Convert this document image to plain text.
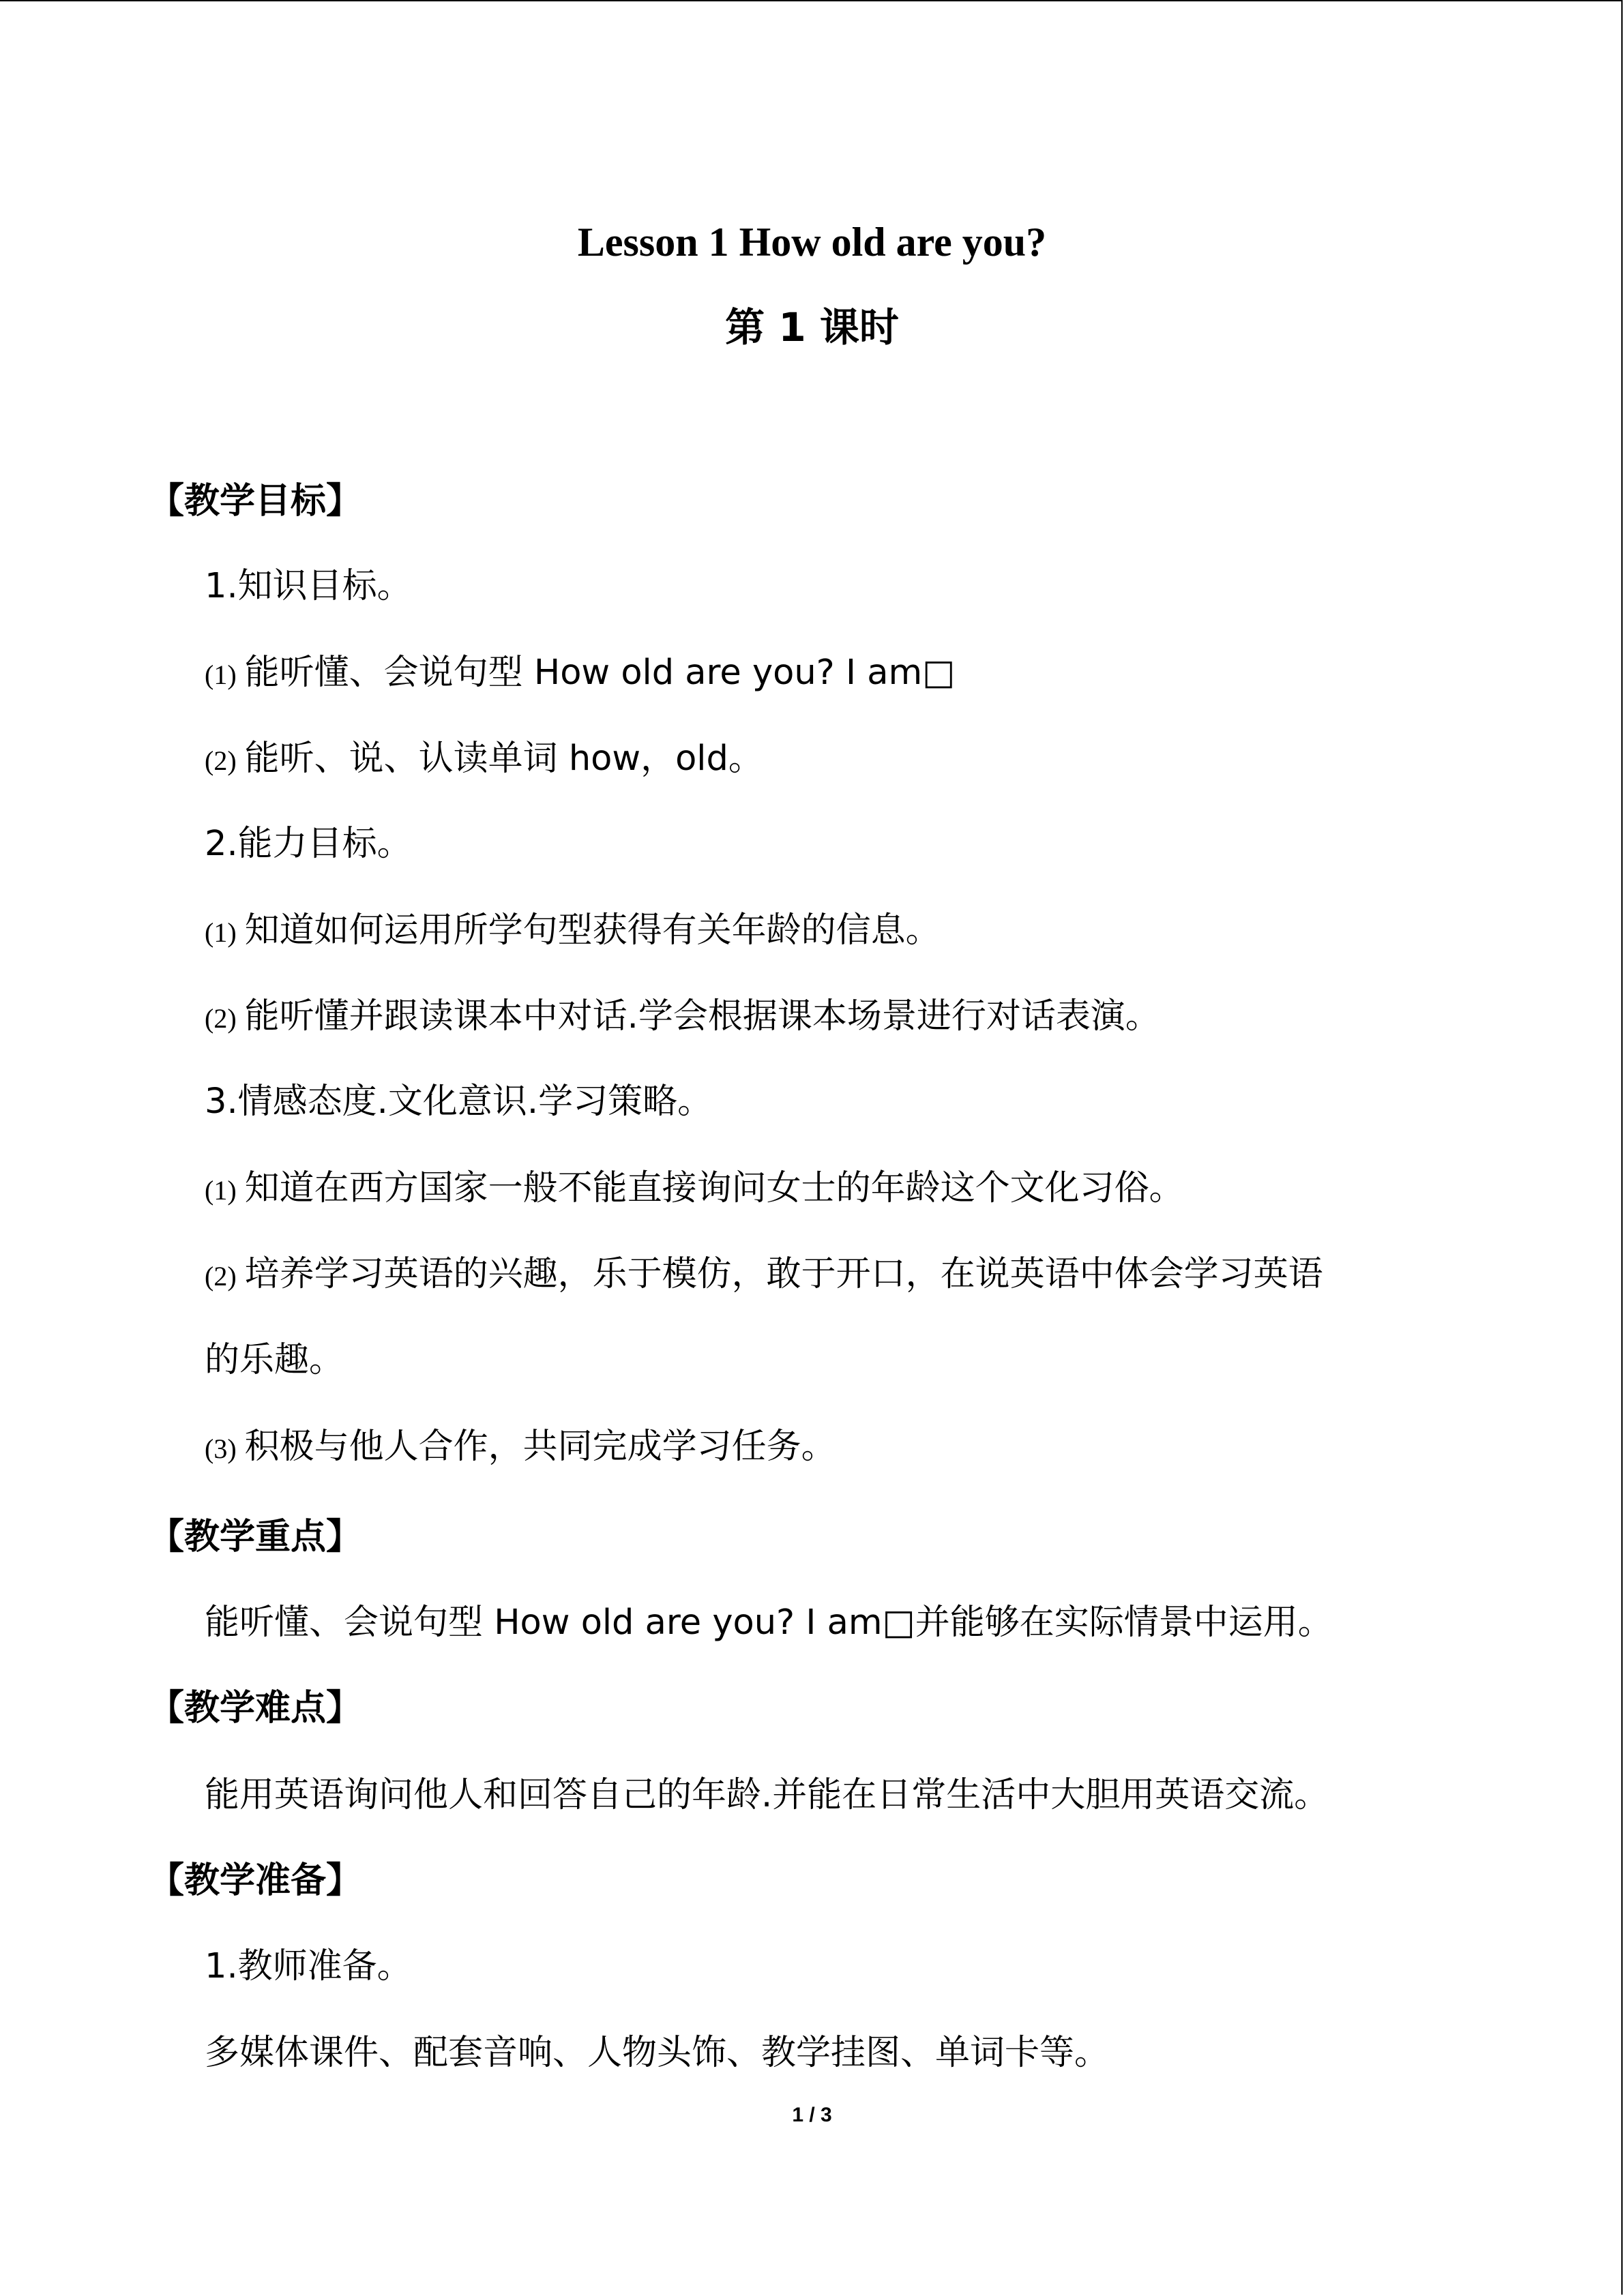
Lesson 1 How old are you?
第 1 课时
【教学目标】
1.知识目标。
(1) 能听懂、会说句型 How old are you? I am□
(2) 能听、说、认读单词 how，old。
2.能力目标。
(1) 知道如何运用所学句型获得有关年龄的信息。
(2) 能听懂并跟读课本中对话.学会根据课本场景进行对话表演。
3.情感态度.文化意识.学习策略。
(1) 知道在西方国家一般不能直接询问女士的年龄这个文化习俗。
(2) 培养学习英语的兴趣，乐于模仿，敢于开口，在说英语中体会学习英语
的乐趣。
(3) 积极与他人合作，共同完成学习任务。
【教学重点】
能听懂、会说句型 How old are you? I am□并能够在实际情景中运用。
【教学难点】
能用英语询问他人和回答自己的年龄.并能在日常生活中大胆用英语交流。
【教学准备】
1.教师准备。
多媒体课件、配套音响、人物头饰、教学挂图、单词卡等。
1 / 3
